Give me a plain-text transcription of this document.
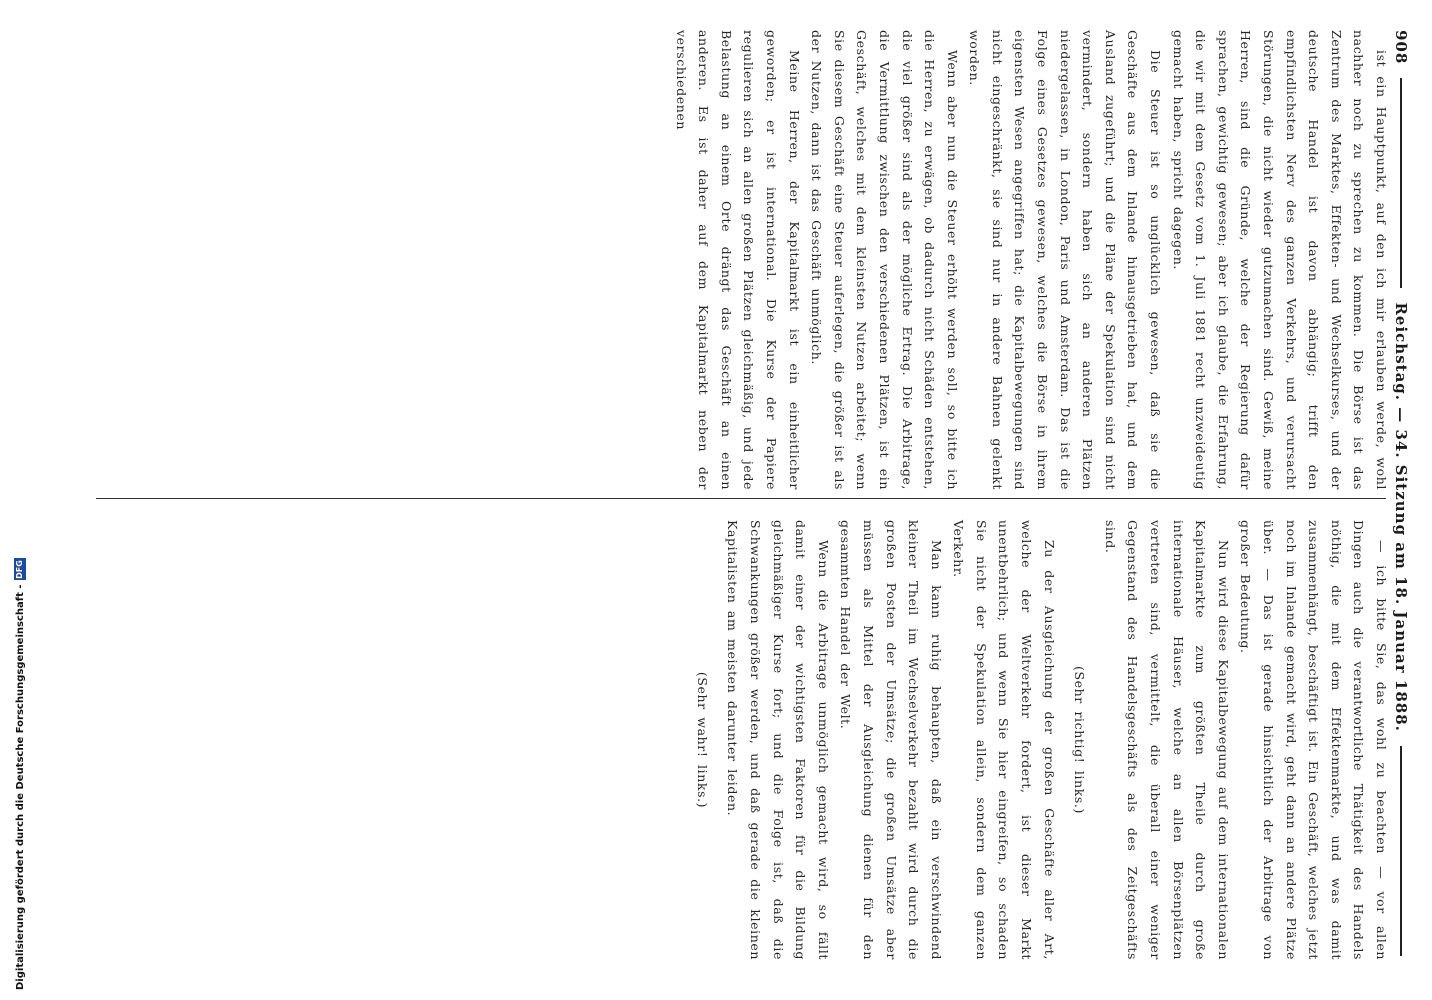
908
Reichstag. — 34. Sitzung am 18. Januar 1888.

ist ein Hauptpunkt, auf den ich mir erlauben werde, wohl nachher noch zu sprechen zu kommen. Die Börse ist das Zentrum des Marktes, Effekten- und Wechselkurses, und der deutsche Handel ist davon abhängig; trifft den empfindlichsten Nerv des ganzen Verkehrs, und verursacht Störungen, die nicht wieder gutzumachen sind. Gewiß, meine Herren, sind die Gründe, welche der Regierung dafür sprachen, gewichtig gewesen; aber ich glaube, die Erfahrung, die wir mit dem Gesetz vom 1. Juli 1881 recht unzweideutig gemacht haben, spricht dagegen.

Die Steuer ist so unglücklich gewesen, daß sie die Geschäfte aus dem Inlande hinausgetrieben hat, und dem Ausland zugeführt; und die Pläne der Spekulation sind nicht vermindert, sondern haben sich an anderen Plätzen niedergelassen, in London, Paris und Amsterdam. Das ist die Folge eines Gesetzes gewesen, welches die Börse in ihrem eigensten Wesen angegriffen hat; die Kapitalbewegungen sind nicht eingeschränkt, sie sind nur in andere Bahnen gelenkt worden.

Wenn aber nun die Steuer erhöht werden soll, so bitte ich die Herren, zu erwägen, ob dadurch nicht Schäden entstehen, die viel größer sind als der mögliche Ertrag. Die Arbitrage, die Vermittlung zwischen den verschiedenen Plätzen, ist ein Geschäft, welches mit dem kleinsten Nutzen arbeitet; wenn Sie diesem Geschäft eine Steuer auferlegen, die größer ist als der Nutzen, dann ist das Geschäft unmöglich.

Meine Herren, der Kapitalmarkt ist ein einheitlicher geworden; er ist international. Die Kurse der Papiere regulieren sich an allen großen Plätzen gleichmäßig, und jede Belastung an einem Orte drängt das Geschäft an einen anderen. Es ist daher auf dem Kapitalmarkt neben der verschiedenen

— ich bitte Sie, das wohl zu beachten — vor allen Dingen auch die verantwortliche Thätigkeit des Handels nöthig, die mit dem Effektenmarkte, und was damit zusammenhängt, beschäftigt ist. Ein Geschäft, welches jetzt noch im Inlande gemacht wird, geht dann an andere Plätze über. — Das ist gerade hinsichtlich der Arbitrage von großer Bedeutung.

Nun wird diese Kapitalbewegung auf dem internationalen Kapitalmarkte zum größten Theile durch große internationale Häuser, welche an allen Börsenplätzen vertreten sind, vermittelt, die überall einer weniger Gegenstand des Handelsgeschäfts als des Zeitgeschäfts sind.

(Sehr richtig! links.)

Zu der Ausgleichung der großen Geschäfte aller Art, welche der Weltverkehr fordert, ist dieser Markt unentbehrlich; und wenn Sie hier eingreifen, so schaden Sie nicht der Spekulation allein, sondern dem ganzen Verkehr.

Man kann ruhig behaupten, daß ein verschwindend kleiner Theil im Wechselverkehr bezahlt wird durch die großen Posten der Umsätze; die großen Umsätze aber müssen als Mittel der Ausgleichung dienen für den gesammten Handel der Welt.

Wenn die Arbitrage unmöglich gemacht wird, so fällt damit einer der wichtigsten Faktoren für die Bildung gleichmäßiger Kurse fort; und die Folge ist, daß die Schwankungen größer werden, und daß gerade die kleinen Kapitalisten am meisten darunter leiden.

(Sehr wahr! links.)

Digitalisierung gefördert durch die Deutsche Forschungsgemeinschaft -
DFG
